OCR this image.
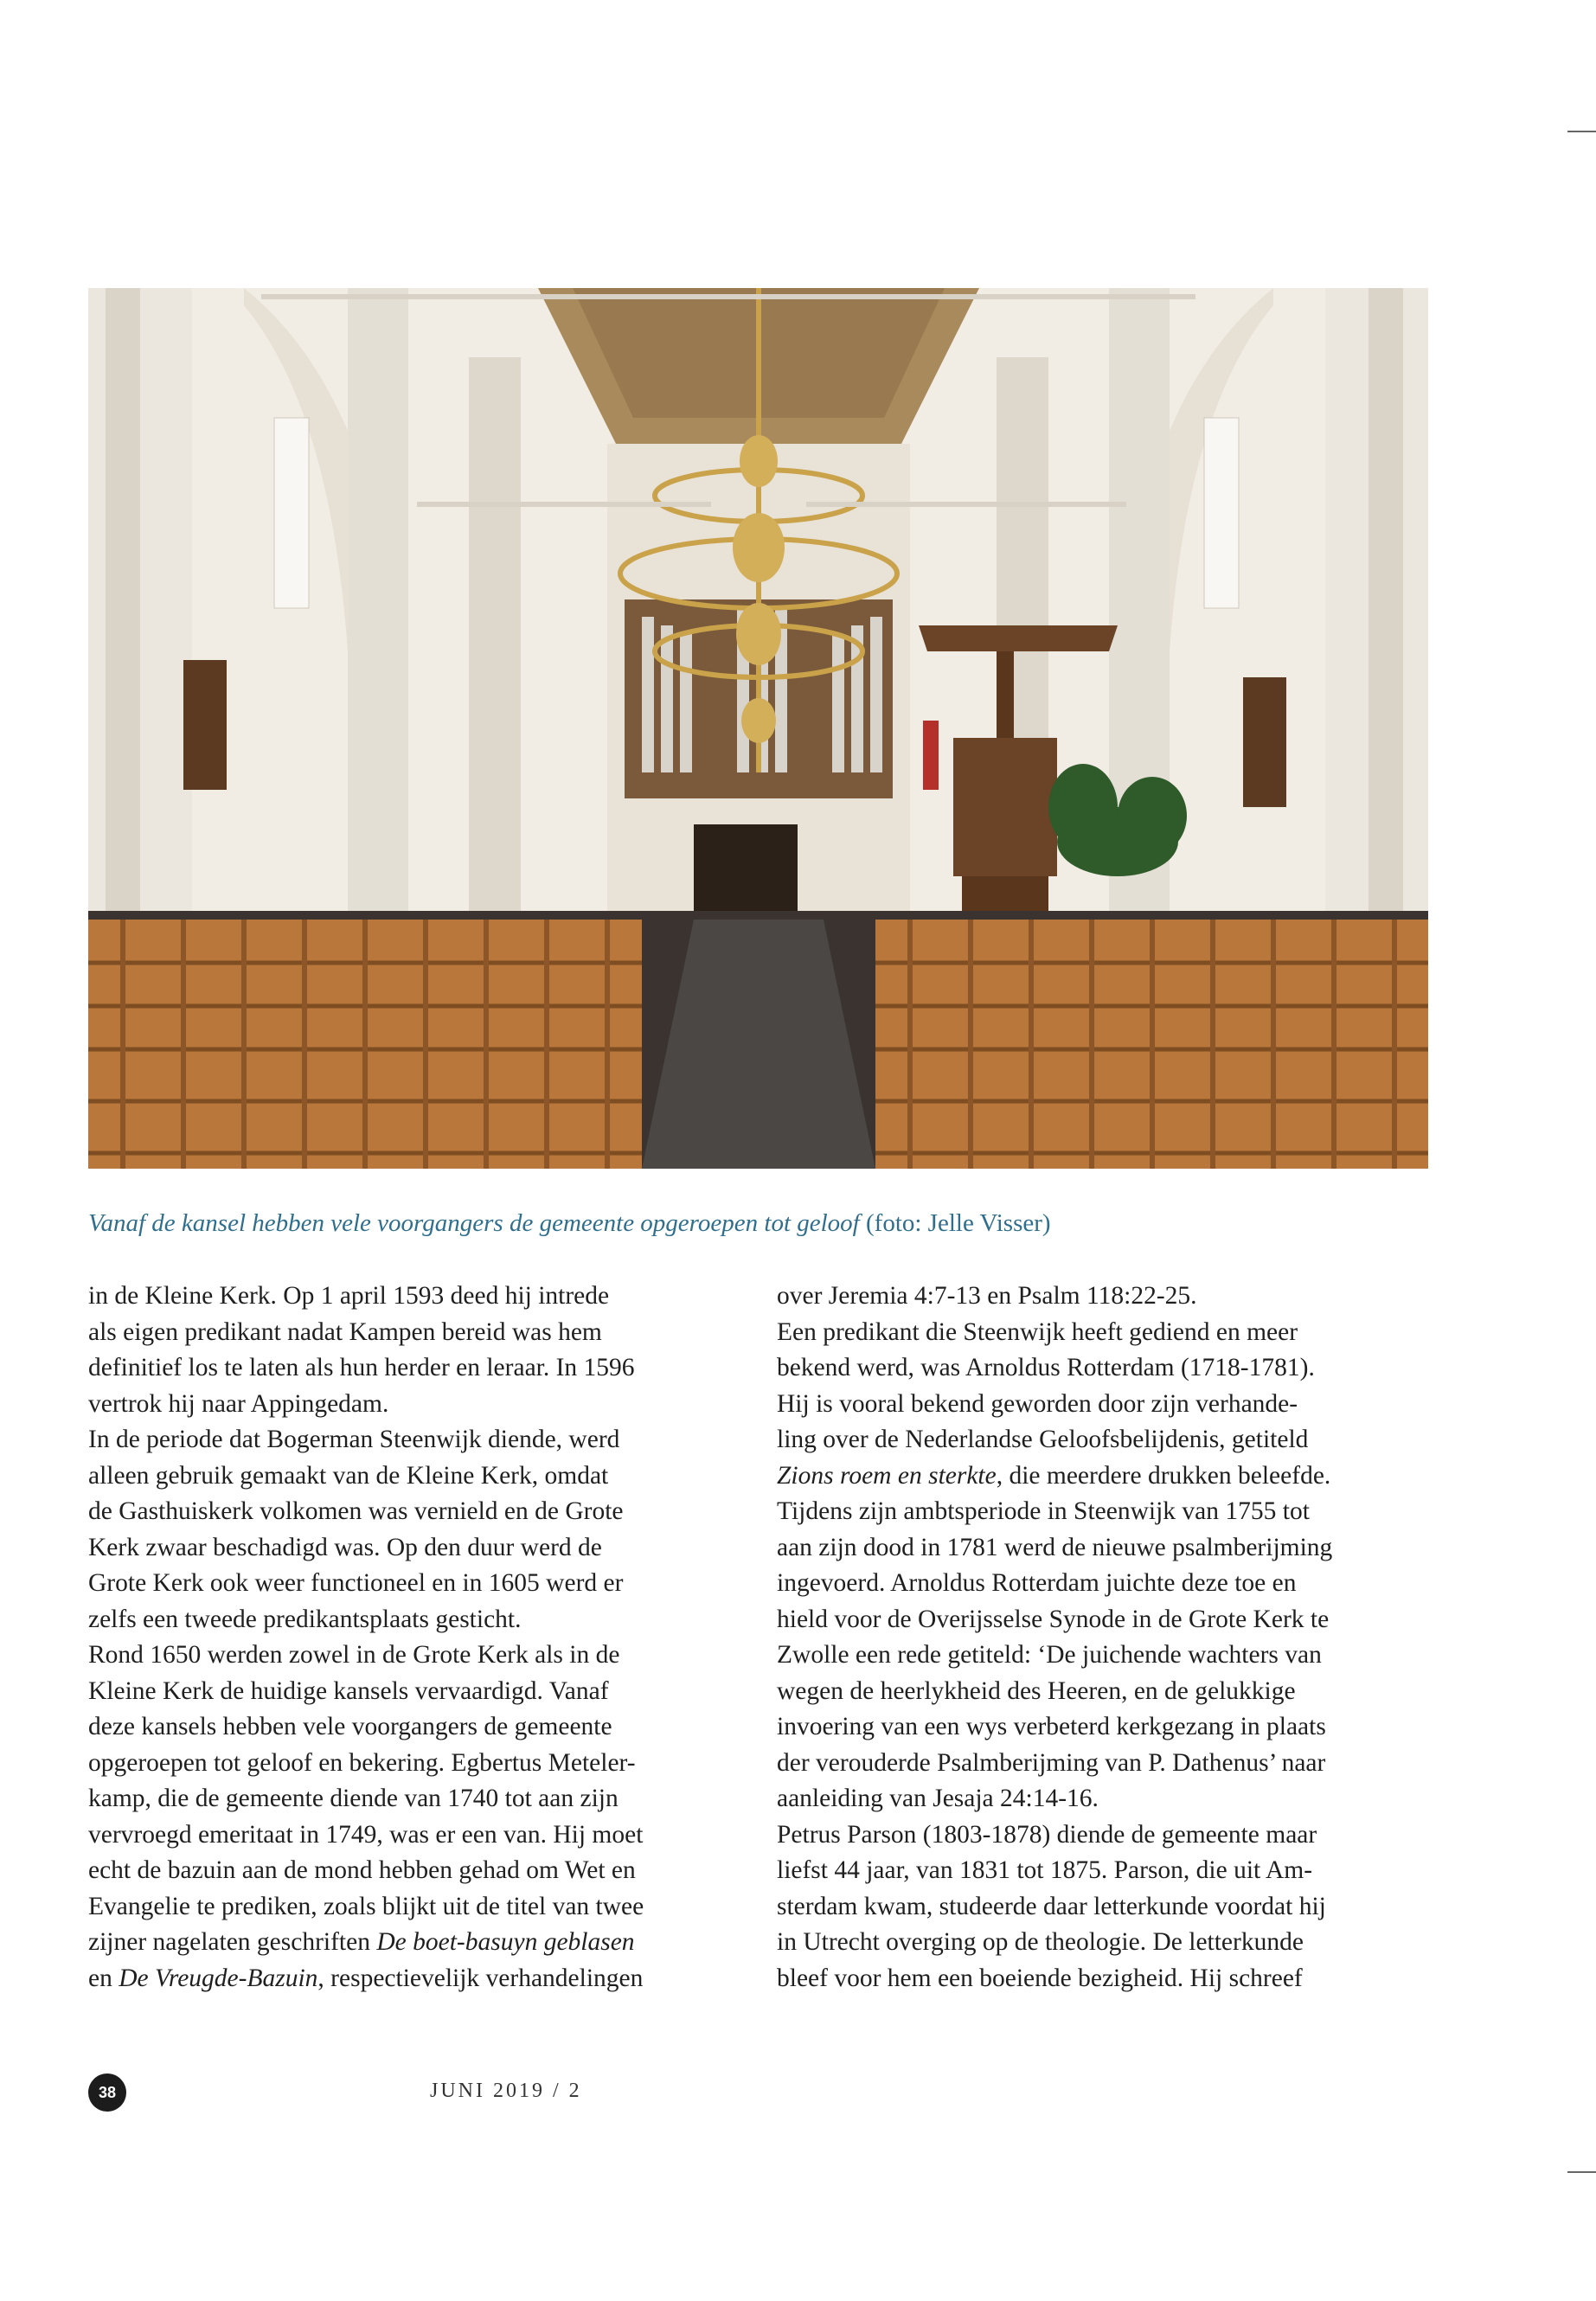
Vanaf de kansel hebben vele voorgangers de gemeente opgeroepen tot geloof (foto: Jelle Visser)
in de Kleine Kerk. Op 1 april 1593 deed hij intrede
als eigen predikant nadat Kampen bereid was hem
definitief los te laten als hun herder en leraar. In 1596
vertrok hij naar Appingedam.
In de periode dat Bogerman Steenwijk diende, werd
alleen gebruik gemaakt van de Kleine Kerk, omdat
de Gasthuiskerk volkomen was vernield en de Grote
Kerk zwaar beschadigd was. Op den duur werd de
Grote Kerk ook weer functioneel en in 1605 werd er
zelfs een tweede predikantsplaats gesticht.
Rond 1650 werden zowel in de Grote Kerk als in de
Kleine Kerk de huidige kansels vervaardigd. Vanaf
deze kansels hebben vele voorgangers de gemeente
opgeroepen tot geloof en bekering. Egbertus Meteler-
kamp, die de gemeente diende van 1740 tot aan zijn
vervroegd emeritaat in 1749, was er een van. Hij moet
echt de bazuin aan de mond hebben gehad om Wet en
Evangelie te prediken, zoals blijkt uit de titel van twee
zijner nagelaten geschriften De boet-basuyn geblasen
en De Vreugde-Bazuin, respectievelijk verhandelingen
over Jeremia 4:7-13 en Psalm 118:22-25.
Een predikant die Steenwijk heeft gediend en meer
bekend werd, was Arnoldus Rotterdam (1718-1781).
Hij is vooral bekend geworden door zijn verhande-
ling over de Nederlandse Geloofsbelijdenis, getiteld
Zions roem en sterkte, die meerdere drukken beleefde.
Tijdens zijn ambtsperiode in Steenwijk van 1755 tot
aan zijn dood in 1781 werd de nieuwe psalmberijming
ingevoerd. Arnoldus Rotterdam juichte deze toe en
hield voor de Overijsselse Synode in de Grote Kerk te
Zwolle een rede getiteld: ‘De juichende wachters van
wegen de heerlykheid des Heeren, en de gelukkige
invoering van een wys verbeterd kerkgezang in plaats
der verouderde Psalmberijming van P. Dathenus’ naar
aanleiding van Jesaja 24:14-16.
Petrus Parson (1803-1878) diende de gemeente maar
liefst 44 jaar, van 1831 tot 1875. Parson, die uit Am-
sterdam kwam, studeerde daar letterkunde voordat hij
in Utrecht overging op de theologie. De letterkunde
bleef voor hem een boeiende bezigheid. Hij schreef
38	JUNI 2019 / 2
